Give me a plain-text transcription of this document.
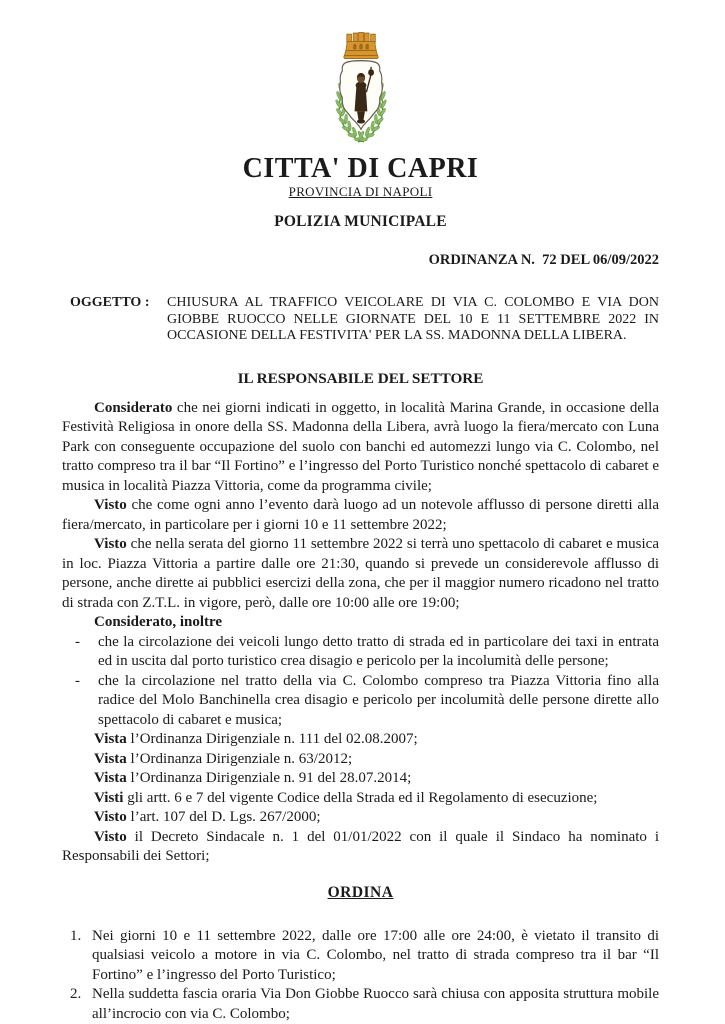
CITTA' DI CAPRI
PROVINCIA DI NAPOLI
POLIZIA MUNICIPALE
ORDINANZA N.  72 DEL 06/09/2022
OGGETTO :	CHIUSURA AL TRAFFICO VEICOLARE DI VIA C. COLOMBO E VIA DON GIOBBE RUOCCO NELLE GIORNATE DEL 10 E 11 SETTEMBRE 2022 IN OCCASIONE DELLA FESTIVITA' PER LA SS. MADONNA DELLA LIBERA.
IL RESPONSABILE DEL SETTORE

Considerato che nei giorni indicati in oggetto, in località Marina Grande, in occasione della Festività Religiosa in onore della SS. Madonna della Libera, avrà luogo la fiera/mercato con Luna Park con conseguente occupazione del suolo con banchi ed automezzi lungo via C. Colombo, nel tratto compreso tra il bar “Il Fortino” e l’ingresso del Porto Turistico nonché spettacolo di cabaret e musica in località Piazza Vittoria, come da programma civile;

Visto che come ogni anno l’evento darà luogo ad un notevole afflusso di persone diretti alla fiera/mercato, in particolare per i giorni 10 e 11 settembre 2022;

Visto che nella serata del giorno 11 settembre 2022 si terrà uno spettacolo di cabaret e musica in loc. Piazza Vittoria a partire dalle ore 21:30, quando si prevede un considerevole afflusso di persone, anche dirette ai pubblici esercizi della zona, che per il maggior numero ricadono nel tratto di strada con Z.T.L. in vigore, però, dalle ore 10:00 alle ore 19:00;

Considerato, inoltre

-	che la circolazione dei veicoli lungo detto tratto di strada ed in particolare dei taxi in entrata ed in uscita dal porto turistico crea disagio e pericolo per la incolumità delle persone;
-	che la circolazione nel tratto della via C. Colombo compreso tra Piazza Vittoria fino alla radice del Molo Banchinella crea disagio e pericolo per incolumità delle persone dirette allo spettacolo di cabaret e musica;

Vista l’Ordinanza Dirigenziale n. 111 del 02.08.2007;

Vista l’Ordinanza Dirigenziale n. 63/2012;

Vista l’Ordinanza Dirigenziale n. 91 del 28.07.2014;

Visti gli artt. 6 e 7 del vigente Codice della Strada ed il Regolamento di esecuzione;

Visto l’art. 107 del D. Lgs. 267/2000;

Visto il Decreto Sindacale n. 1 del 01/01/2022 con il quale il Sindaco ha nominato i Responsabili dei Settori;

ORDINA
1. Nei giorni 10 e 11 settembre 2022, dalle ore 17:00 alle ore 24:00, è vietato il transito di qualsiasi veicolo a motore in via C. Colombo, nel tratto di strada compreso tra il bar “Il Fortino” e l’ingresso del Porto Turistico;
2. Nella suddetta fascia oraria Via Don Giobbe Ruocco sarà chiusa con apposita struttura mobile all’incrocio con via C. Colombo;
